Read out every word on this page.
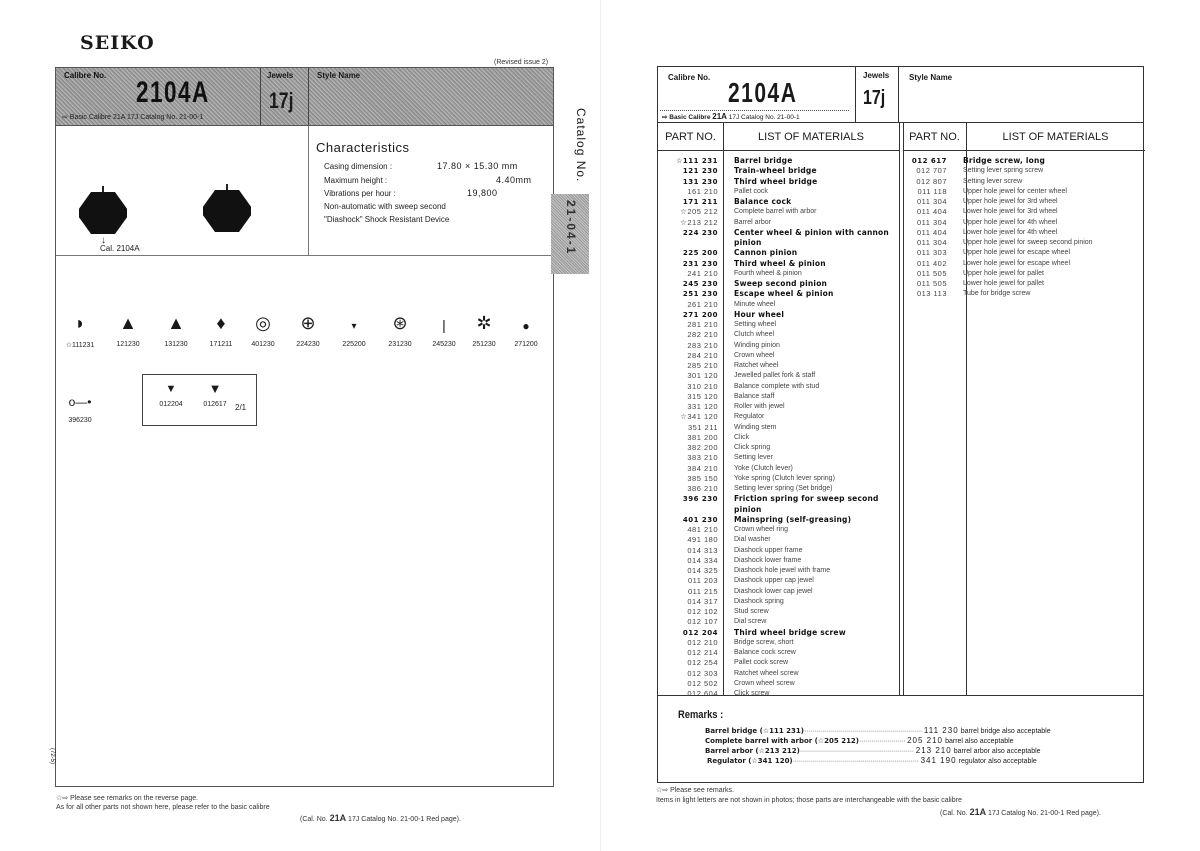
SEIKO
(Revised issue 2)
Calibre No.
2104A
⇨ Basic Calibre 21A 17J Catalog No. 21-00-1
Jewels
17j
Style Name
↓
Cal. 2104A
Characteristics
Casing dimension :	17.80 × 15.30 mm
Maximum height :	4.40mm
Vibrations per hour :	19,800
Non-automatic with sweep second
"Diashock" Shock Resistant Device
◗
☆111231
▲
121230
▲
131230
♦
171211
◎
401230
⊕
224230
▾
225200
⊛
231230
|
245230
✲
251230
●
271200
o—•
396230
▼
012204
▼
012617	2/1
(72-5)
Catalog No.
21-04-1
☆⇨ Please see remarks on the reverse page.
As for all other parts not shown here, please refer to the basic calibre
(Cal. No. 21A 17J Catalog No. 21-00-1 Red page).
Calibre No. 2104A
⇨ Basic Calibre 21A 17J Catalog No. 21-00-1
Jewels
17j
Style Name
PART NO.	LIST OF MATERIALS	PART NO.	LIST OF MATERIALS
☆111 231	Barrel bridge
121 230	Train-wheel bridge
131 230	Third wheel bridge
161 210	Pallet cock
171 211	Balance cock
☆205 212	Complete barrel with arbor
☆213 212	Barrel arbor
224 230	Center wheel & pinion with cannon
pinion
225 200	Cannon pinion
231 230	Third wheel & pinion
241 210	Fourth wheel & pinion
245 230	Sweep second pinion
251 230	Escape wheel & pinion
261 210	Minute wheel
271 200	Hour wheel
281 210	Setting wheel
282 210	Clutch wheel
283 210	Winding pinion
284 210	Crown wheel
285 210	Ratchet wheel
301 120	Jewelled pallet fork & staff
310 210	Balance complete with stud
315 120	Balance staff
331 120	Roller with jewel
☆341 120	Regulator
351 211	Winding stem
381 200	Click
382 200	Click spring
383 210	Setting lever
384 210	Yoke (Clutch lever)
385 150	Yoke spring (Clutch lever spring)
386 210	Setting lever spring (Set bridge)
396 230	Friction spring for sweep second
pinion
401 230	Mainspring (self-greasing)
481 210	Crown wheel ring
491 180	Dial washer
014 313	Diashock upper frame
014 334	Diashock lower frame
014 325	Diashock hole jewel with frame
011 203	Diashock upper cap jewel
011 215	Diashock lower cap jewel
014 317	Diashock spring
012 102	Stud screw
012 107	Dial screw
012 204	Third wheel bridge screw
012 210	Bridge screw, short
012 214	Balance cock screw
012 254	Pallet cock screw
012 303	Ratchet wheel screw
012 502	Crown wheel screw
012 604	Click screw
012 617	Bridge screw, long
012 707	Setting lever spring screw
012 807	Setting lever screw
011 118	Upper hole jewel for center wheel
011 304	Upper hole jewel for 3rd wheel
011 404	Lower hole jewel for 3rd wheel
011 304	Upper hole jewel for 4th wheel
011 404	Lower hole jewel for 4th wheel
011 304	Upper hole jewel for sweep second pinion
011 303	Upper hole jewel for escape wheel
011 402	Lower hole jewel for escape wheel
011 505	Upper hole jewel for pallet
011 505	Lower hole jewel for pallet
013 113	Tube for bridge screw
Remarks :
Barrel bridge (☆111 231)··························································· 111 230 barrel bridge also acceptable
Complete barrel with arbor (☆205 212)······················· 205 210 barrel also acceptable
Barrel arbor (☆213 212)························································· 213 210 barrel arbor also acceptable
Regulator (☆341 120)······························································· 341 190 regulator also acceptable
☆⇨ Please see remarks.
Items in light letters are not shown in photos; those parts are interchangeable with the basic calibre
(Cal. No. 21A 17J Catalog No. 21-00-1 Red page).
